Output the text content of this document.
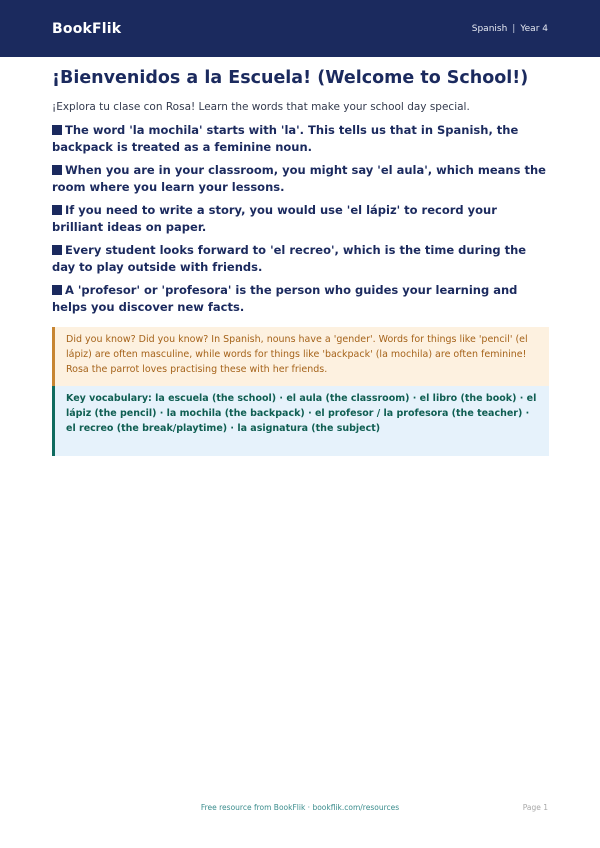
BookFlik	Spanish | Year 4
¡Bienvenidos a la Escuela! (Welcome to School!)

¡Explora tu clase con Rosa! Learn the words that make your school day special.

The word 'la mochila' starts with 'la'. This tells us that in Spanish, the backpack is treated as a feminine noun.
When you are in your classroom, you might say 'el aula', which means the room where you learn your lessons.
If you need to write a story, you would use 'el lápiz' to record your brilliant ideas on paper.
Every student looks forward to 'el recreo', which is the time during the day to play outside with friends.
A 'profesor' or 'profesora' is the person who guides your learning and helps you discover new facts.
Did you know? Did you know? In Spanish, nouns have a 'gender'. Words for things like 'pencil' (el lápiz) are often masculine, while words for things like 'backpack' (la mochila) are often feminine! Rosa the parrot loves practising these with her friends.
Key vocabulary: la escuela (the school) · el aula (the classroom) · el libro (the book) · el lápiz (the pencil) · la mochila (the backpack) · el profesor / la profesora (the teacher) · el recreo (the break/playtime) · la asignatura (the subject)
Free resource from BookFlik · bookflik.com/resources	Page 1
